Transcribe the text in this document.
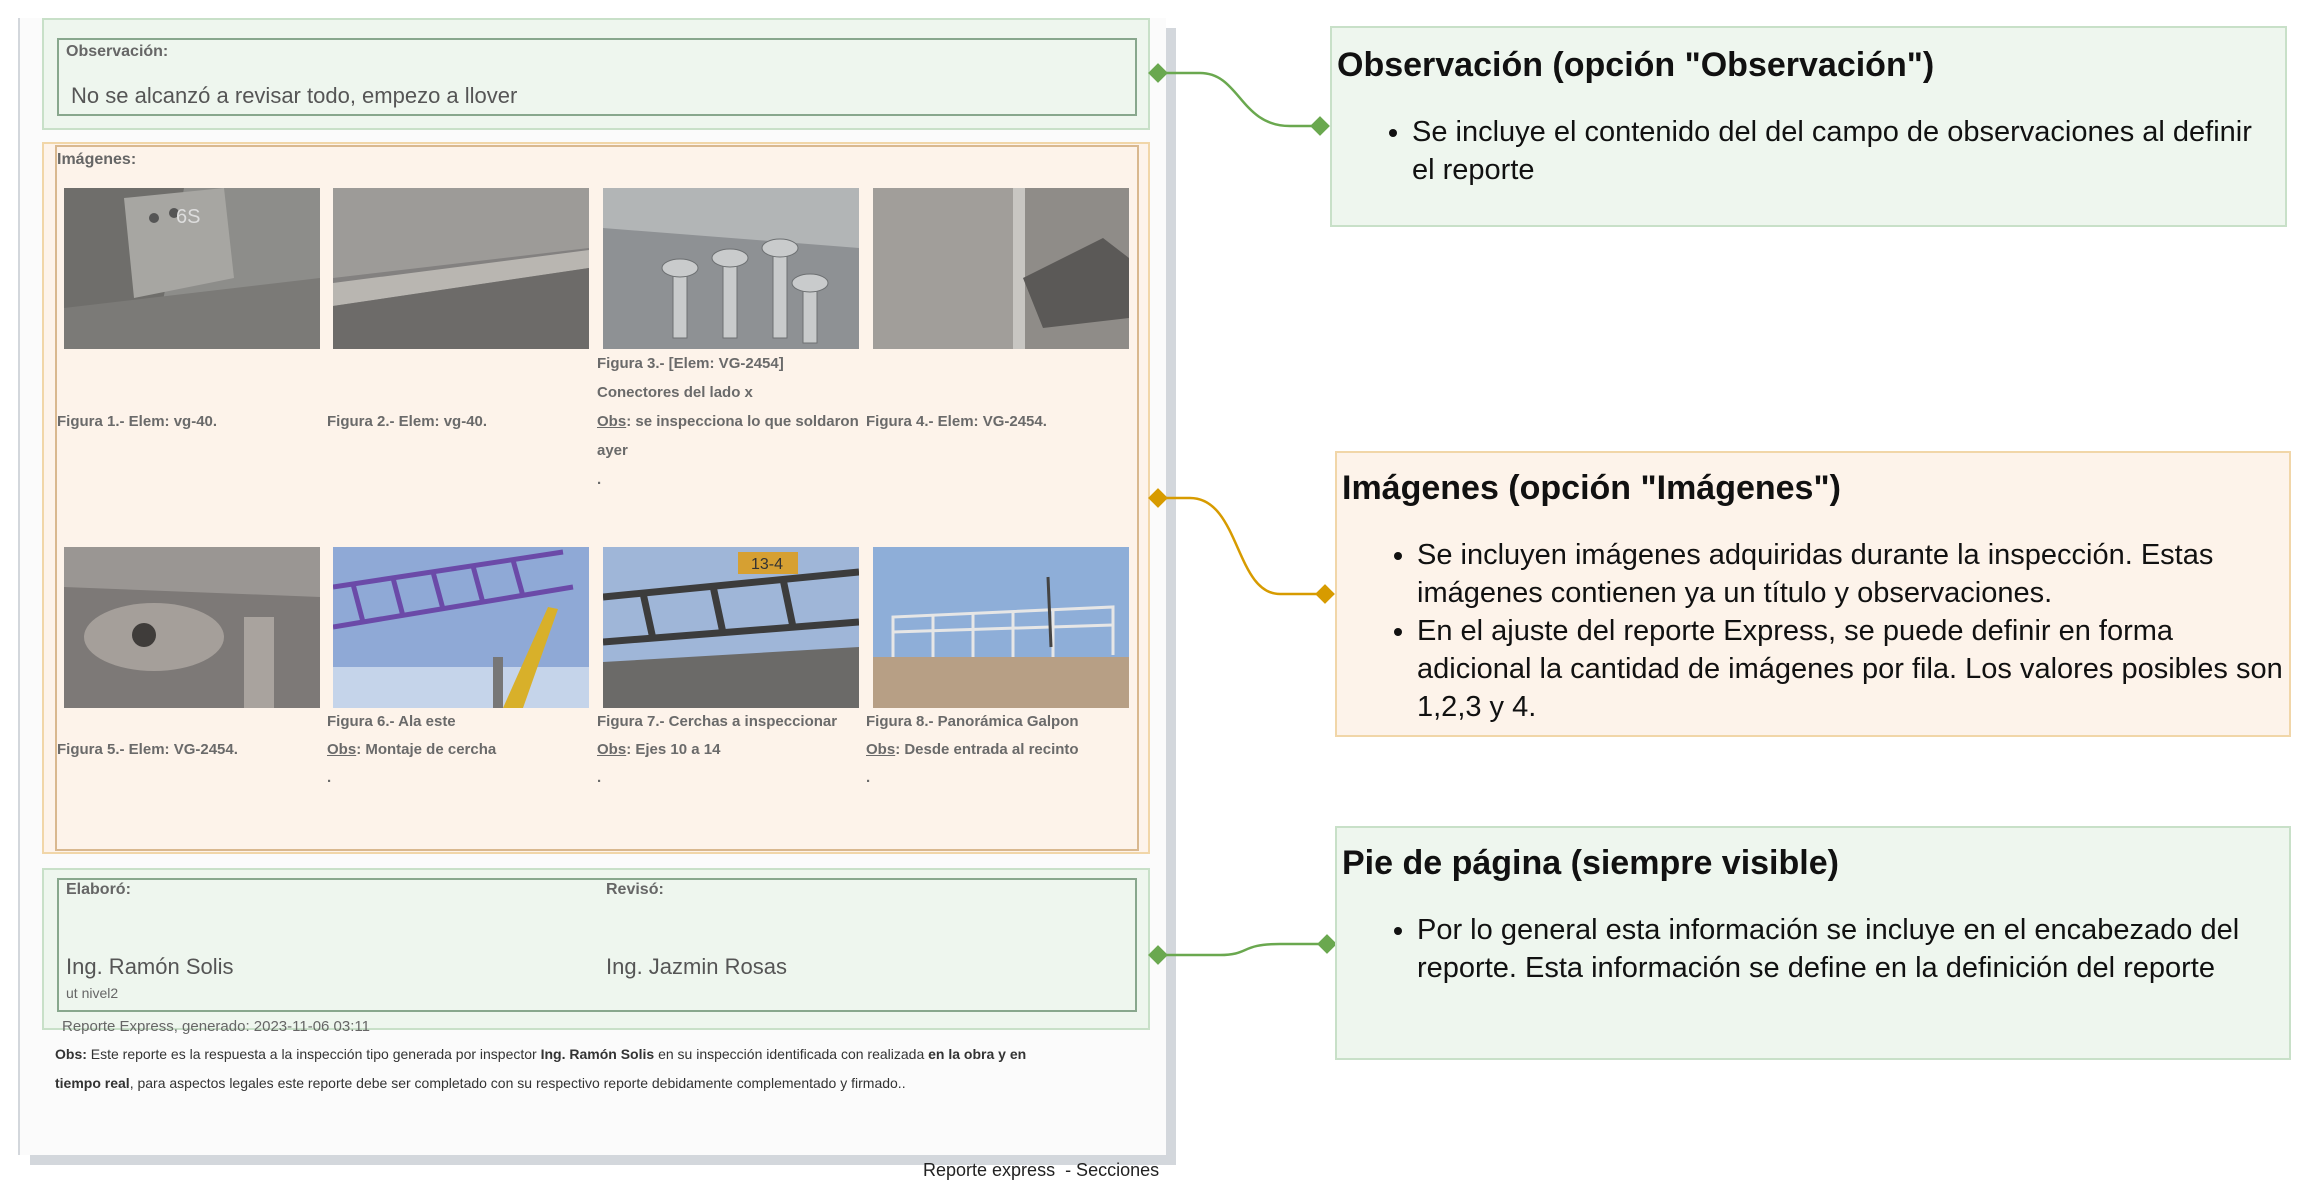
Observación:
No se alcanzó a revisar todo, empezo a llover
Imágenes:
6S
Figura 1.- Elem: vg-40.	Figura 2.- Elem: vg-40.
Figura 3.- [Elem: VG-2454]
Conectores del lado x
Obs: se inspecciona lo que soldaron
ayer
.
Figura 4.- Elem: VG-2454.
13-4
Figura 5.- Elem: VG-2454.
Figura 6.- Ala este
Obs: Montaje de cercha
.
Figura 7.- Cerchas a inspeccionar
Obs: Ejes 10 a 14
.
Figura 8.- Panorámica Galpon
Obs: Desde entrada al recinto
.
Elaboró:	Revisó:
Ing. Ramón Solis
ut nivel2
Ing. Jazmin Rosas
Reporte Express, generado: 2023-11-06 03:11
Obs: Este reporte es la respuesta a la inspección tipo generada por inspector Ing. Ramón Solis en su inspección identificada con realizada en la obra y en
tiempo real, para aspectos legales este reporte debe ser completado con su respectivo reporte debidamente complementado y firmado..
Observación (opción "Observación")
• Se incluye el contenido del del campo de observaciones al definir el reporte
Imágenes (opción "Imágenes")
• Se incluyen imágenes adquiridas durante la inspección. Estas imágenes contienen ya un título y observaciones.
• En el ajuste del reporte Express, se puede definir en forma adicional la cantidad de imágenes por fila. Los valores posibles son 1,2,3 y 4.
Pie de página (siempre visible)
• Por lo general esta información se incluye en el encabezado del reporte. Esta información se define en la definición del reporte
Reporte express  - Secciones
